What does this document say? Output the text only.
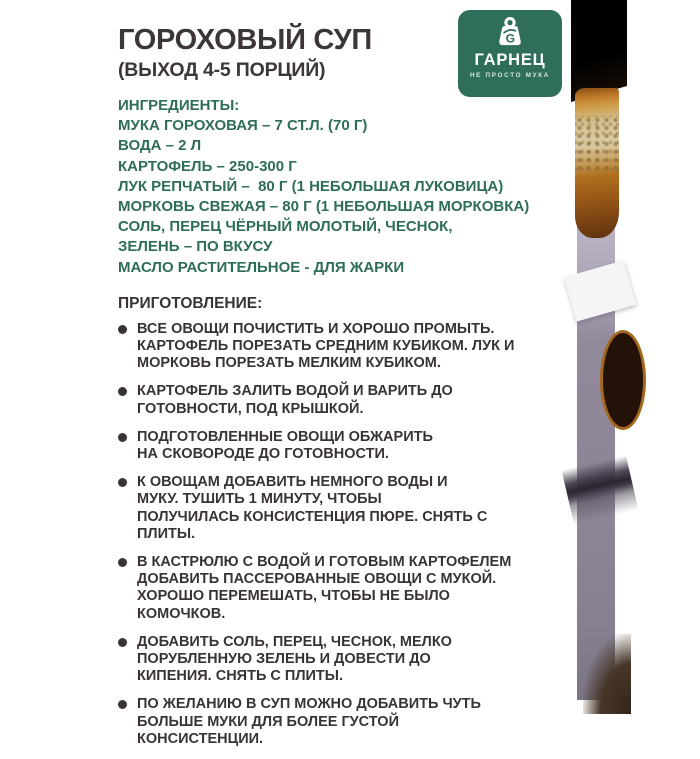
ГОРОХОВЫЙ СУП
(ВЫХОД 4-5 ПОРЦИЙ)
ИНГРЕДИЕНТЫ:
МУКА ГОРОХОВАЯ – 7 СТ.Л. (70 Г)
ВОДА – 2 Л
КАРТОФЕЛЬ – 250-300 Г
ЛУК РЕПЧАТЫЙ –  80 Г (1 НЕБОЛЬШАЯ ЛУКОВИЦА)
МОРКОВЬ СВЕЖАЯ – 80 Г (1 НЕБОЛЬШАЯ МОРКОВКА)
СОЛЬ, ПЕРЕЦ ЧЁРНЫЙ МОЛОТЫЙ, ЧЕСНОК,
ЗЕЛЕНЬ – ПО ВКУСУ
МАСЛО РАСТИТЕЛЬНОЕ - ДЛЯ ЖАРКИ
ПРИГОТОВЛЕНИЕ:
ВСЕ ОВОЩИ ПОЧИСТИТЬ И ХОРОШО ПРОМЫТЬ. КАРТОФЕЛЬ ПОРЕЗАТЬ СРЕДНИМ КУБИКОМ. ЛУК И МОРКОВЬ ПОРЕЗАТЬ МЕЛКИМ КУБИКОМ.
КАРТОФЕЛЬ ЗАЛИТЬ ВОДОЙ И ВАРИТЬ ДО ГОТОВНОСТИ, ПОД КРЫШКОЙ.
ПОДГОТОВЛЕННЫЕ ОВОЩИ ОБЖАРИТЬ НА СКОВОРОДЕ ДО ГОТОВНОСТИ.
К ОВОЩАМ ДОБАВИТЬ НЕМНОГО ВОДЫ И МУКУ. ТУШИТЬ 1 МИНУТУ, ЧТОБЫ ПОЛУЧИЛАСЬ КОНСИСТЕНЦИЯ ПЮРЕ. СНЯТЬ С ПЛИТЫ.
В КАСТРЮЛЮ С ВОДОЙ И ГОТОВЫМ КАРТОФЕЛЕМ ДОБАВИТЬ ПАССЕРОВАННЫЕ ОВОЩИ С МУКОЙ. ХОРОШО ПЕРЕМЕШАТЬ, ЧТОБЫ НЕ БЫЛО КОМОЧКОВ.
ДОБАВИТЬ СОЛЬ, ПЕРЕЦ, ЧЕСНОК, МЕЛКО ПОРУБЛЕННУЮ ЗЕЛЕНЬ И ДОВЕСТИ ДО КИПЕНИЯ. СНЯТЬ С ПЛИТЫ.
ПО ЖЕЛАНИЮ В СУП МОЖНО ДОБАВИТЬ ЧУТЬ БОЛЬШЕ МУКИ ДЛЯ БОЛЕЕ ГУСТОЙ КОНСИСТЕНЦИИ.
G
ГАРНЕЦ
НЕ ПРОСТО МУКА
